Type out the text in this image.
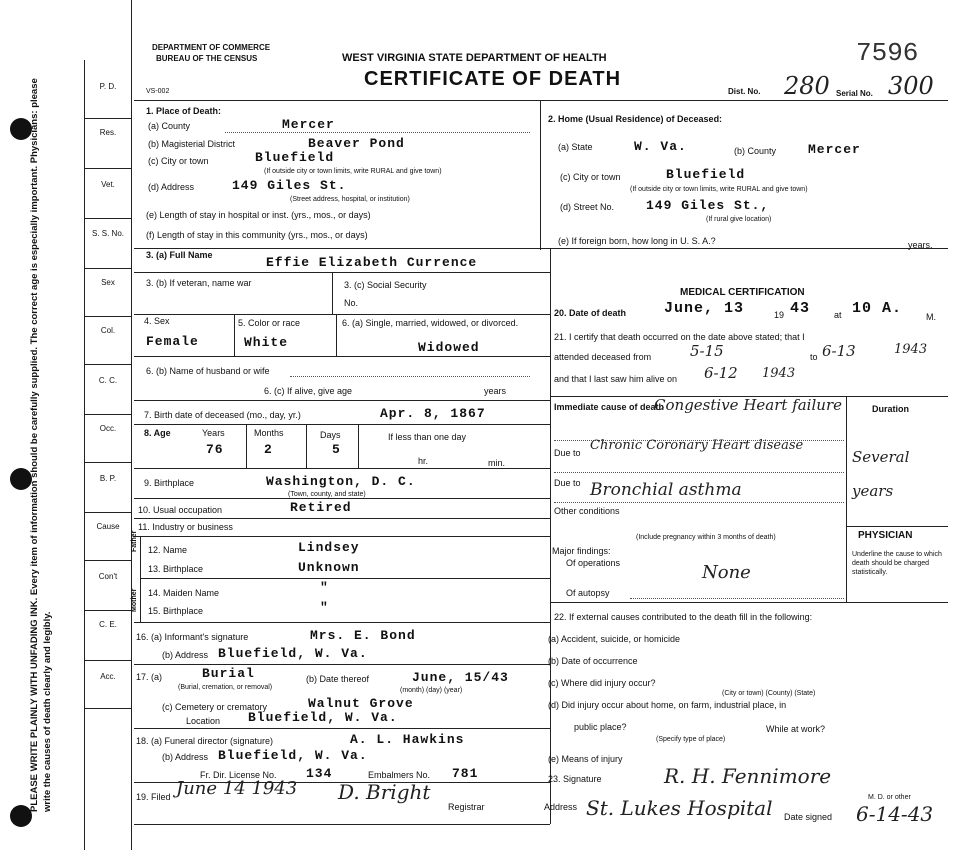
PLEASE WRITE PLAINLY WITH UNFADING INK. Every item of information should be carefully supplied. The correct age is especially important. Physicians: please write the causes of death clearly and legibly.
P. D.
Res.
Vet.
S. S. No.
Sex
Col.
C. C.
Occ.
B. P.
Cause
Con't
C. E.
Acc.
DEPARTMENT OF COMMERCE
BUREAU OF THE CENSUS	WEST VIRGINIA STATE DEPARTMENT OF HEALTH
CERTIFICATE OF DEATH
7596
Dist. No. 280 Serial No. 300
VS-002
1. Place of Death:
(a) County	Mercer
(b) Magisterial District	Beaver Pond
(c) City or town	Bluefield
(If outside city or town limits, write RURAL and give town)
(d) Address	149 Giles St.
(Street address, hospital, or institution)
(e) Length of stay in hospital or inst. (yrs., mos., or days)
(f) Length of stay in this community (yrs., mos., or days)
2. Home (Usual Residence) of Deceased:
(a) State	W. Va.	(b) County Mercer
(c) City or town	Bluefield
(If outside city or town limits, write RURAL and give town)
(d) Street No. 149 Giles St.,
(If rural give location)
(e) If foreign born, how long in U. S. A.?	years.
3. (a) Full Name	Effie Elizabeth Currence
3. (b) If veteran, name war	3. (c) Social Security
No.
4. Sex
Female
5. Color or race
White
6. (a) Single, married, widowed, or divorced.
Widowed
6. (b) Name of husband or wife
6. (c) If alive, give age	years
7. Birth date of deceased (mo., day, yr.)	Apr. 8, 1867
8. Age	Years
76
Months
2
Days
5
If less than one day
hr.	min.
9. Birthplace	Washington, D. C.
(Town, county, and state)
10. Usual occupation	Retired
11. Industry or business
Father
Mother
12. Name	Lindsey
13. Birthplace	Unknown
14. Maiden Name	"
15. Birthplace	"
16. (a) Informant's signature	Mrs. E. Bond
(b) Address Bluefield, W. Va.
17. (a)	Burial
(Burial, cremation, or removal)
(b) Date thereof	June, 15/43
(month) (day) (year)
(c) Cemetery or crematory	Walnut Grove
Location Bluefield, W. Va.
18. (a) Funeral director (signature)	A. L. Hawkins
(b) Address Bluefield, W. Va.
Fr. Dir. License No. 134	Embalmers No. 781
19. Filed June 14 1943 D. Bright
Registrar
MEDICAL CERTIFICATION
20. Date of death	June, 13	19 43	at 10 A.	M.
21. I certify that death occurred on the date above stated; that I
attended deceased from	5-15	to 6-13	1943
and that I last saw him alive on 6-12 1943
Immediate cause of death
Congestive Heart failure	Duration
Due to Chronic Coronary Heart disease
Several years
Due to Bronchial asthma
Other conditions
(Include pregnancy within 3 months of death)
Major findings:
Of operations	None
Of autopsy
PHYSICIAN
Underline the cause to which death should be charged statistically.
22. If external causes contributed to the death fill in the following:
(a) Accident, suicide, or homicide
(b) Date of occurrence
(c) Where did injury occur?
(City or town) (County) (State)
(d) Did injury occur about home, on farm, industrial place, in
public place?
(Specify type of place)
While at work?
(e) Means of injury
23. Signature	R. H. Fennimore
M. D. or other
Address St. Lukes Hospital Date signed 6-14-43
